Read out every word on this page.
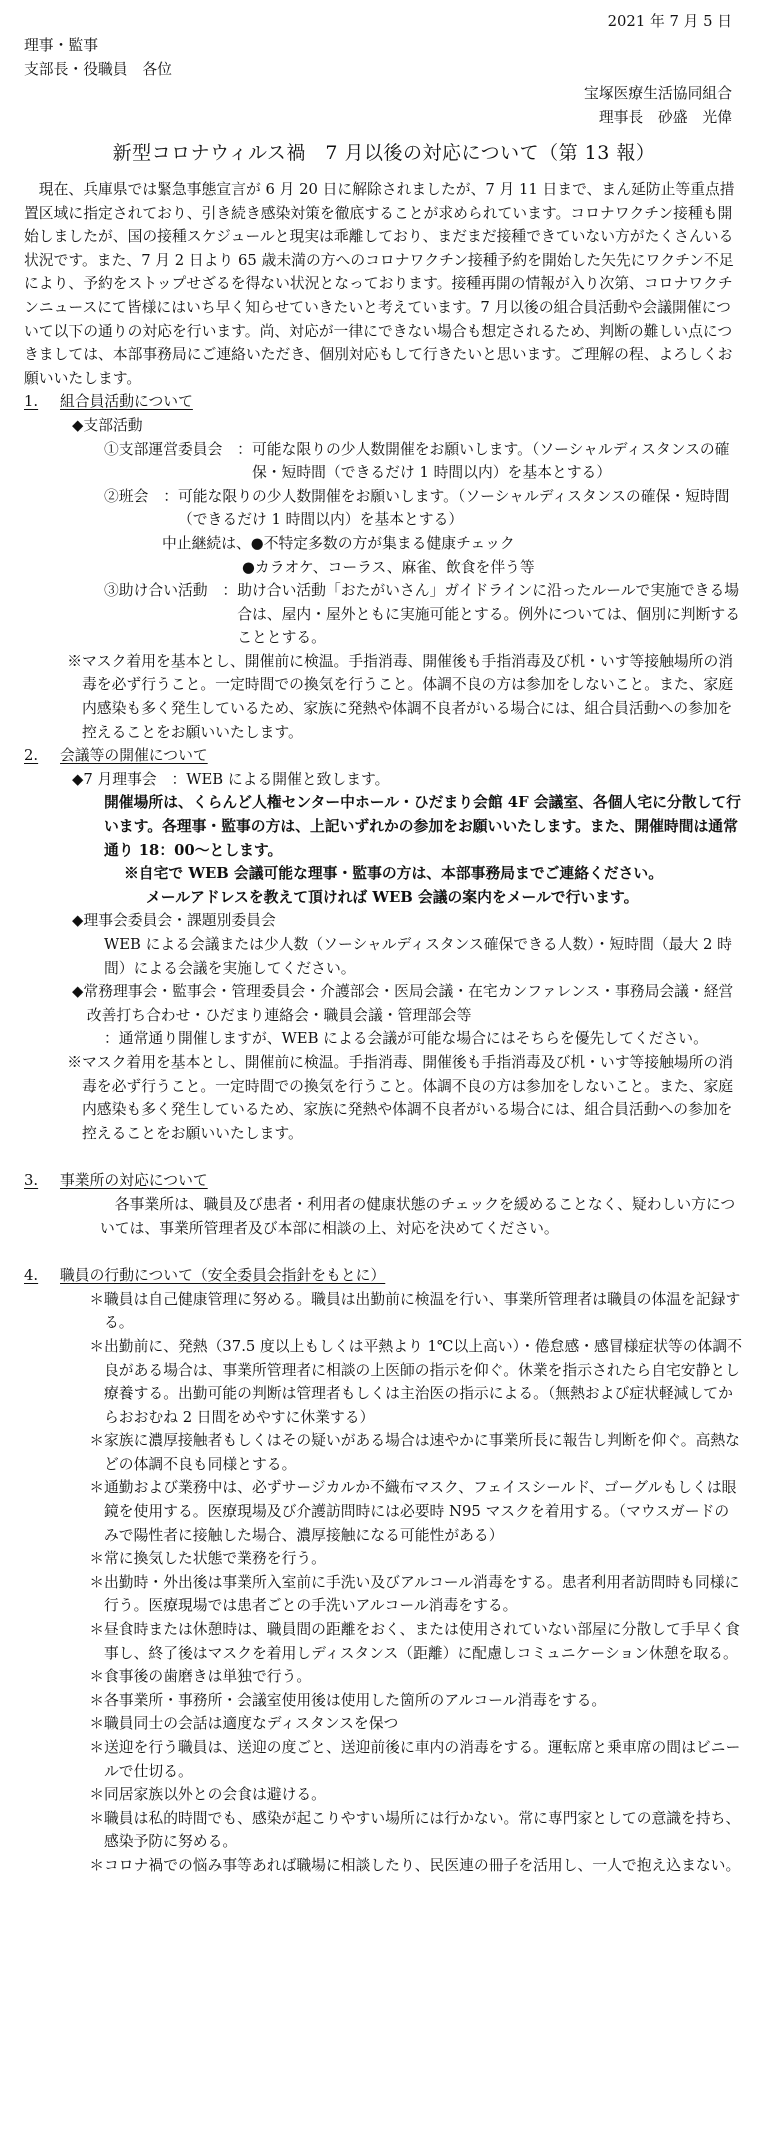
2021 年 7 月 5 日

理事・監事

支部長・役職員　各位

宝塚医療生活協同組合

理事長　砂盛　光偉

新型コロナウィルス禍　7 月以後の対応について（第 13 報）

現在、兵庫県では緊急事態宣言が 6 月 20 日に解除されましたが、7 月 11 日まで、まん延防止等重点措置区域に指定されており、引き続き感染対策を徹底することが求められています。コロナワクチン接種も開始しましたが、国の接種スケジュールと現実は乖離しており、まだまだ接種できていない方がたくさんいる状況です。また、7 月 2 日より 65 歳未満の方へのコロナワクチン接種予約を開始した矢先にワクチン不足により、予約をストップせざるを得ない状況となっております。接種再開の情報が入り次第、コロナワクチンニュースにて皆様にはいち早く知らせていきたいと考えています。7 月以後の組合員活動や会議開催について以下の通りの対応を行います。尚、対応が一律にできない場合も想定されるため、判断の難しい点につきましては、本部事務局にご連絡いただき、個別対応もして行きたいと思います。ご理解の程、よろしくお願いいたします。

1. 組合員活動について

◆ 支部活動

①支部運営委員会　： 可能な限りの少人数開催をお願いします。（ソーシャルディスタンスの確保・短時間（できるだけ 1 時間以内）を基本とする）
②班会　： 可能な限りの少人数開催をお願いします。（ソーシャルディスタンスの確保・短時間（できるだけ 1 時間以内）を基本とする）
中止継続は、 ●不特定多数の方が集まる健康チェック

●カラオケ、コーラス、麻雀、飲食を伴う等

③助け合い活動　： 助け合い活動「おたがいさん」ガイドラインに沿ったルールで実施できる場合は、屋内・屋外ともに実施可能とする。例外については、個別に判断することとする。

※マスク着用を基本とし、開催前に検温。手指消毒、開催後も手指消毒及び机・いす等接触場所の消毒を必ず行うこと。一定時間での換気を行うこと。体調不良の方は参加をしないこと。また、家庭内感染も多く発生しているため、家族に発熱や体調不良者がいる場合には、組合員活動への参加を控えることをお願いいたします。

2. 会議等の開催について

◆7 月理事会　： WEB による開催と致します。

開催場所は、くらんど人権センター中ホール・ひだまり会館 4F 会議室、各個人宅に分散して行います。各理事・監事の方は、上記いずれかの参加をお願いいたします。また、開催時間は通常通り 18：00～とします。

※自宅で WEB 会議可能な理事・監事の方は、本部事務局までご連絡ください。

メールアドレスを教えて頂ければ WEB 会議の案内をメールで行います。

◆ 理事会委員会・課題別委員会

WEB による会議または少人数（ソーシャルディスタンス確保できる人数）・短時間（最大 2 時間）による会議を実施してください。

◆ 常務理事会・監事会・管理委員会・介護部会・医局会議・在宅カンファレンス・事務局会議・経営改善打ち合わせ・ひだまり連絡会・職員会議・管理部会等

：通常通り開催しますが、WEB による会議が可能な場合にはそちらを優先してください。

※マスク着用を基本とし、開催前に検温。手指消毒、開催後も手指消毒及び机・いす等接触場所の消毒を必ず行うこと。一定時間での換気を行うこと。体調不良の方は参加をしないこと。また、家庭内感染も多く発生しているため、家族に発熱や体調不良者がいる場合には、組合員活動への参加を控えることをお願いいたします。

3. 事業所の対応について

各事業所は、職員及び患者・利用者の健康状態のチェックを緩めることなく、疑わしい方については、事業所管理者及び本部に相談の上、対応を決めてください。

4. 職員の行動について（安全委員会指針をもとに）

＊職員は自己健康管理に努める。職員は出勤前に検温を行い、事業所管理者は職員の体温を記録する。

＊出勤前に、発熱（37.5 度以上もしくは平熱より 1℃以上高い）・倦怠感・感冒様症状等の体調不良がある場合は、事業所管理者に相談の上医師の指示を仰ぐ。休業を指示されたら自宅安静とし療養する。出勤可能の判断は管理者もしくは主治医の指示による。（無熱および症状軽減してからおおむね 2 日間をめやすに休業する）

＊家族に濃厚接触者もしくはその疑いがある場合は速やかに事業所長に報告し判断を仰ぐ。高熱などの体調不良も同様とする。

＊通勤および業務中は、必ずサージカルか不織布マスク、フェイスシールド、ゴーグルもしくは眼鏡を使用する。医療現場及び介護訪問時には必要時 N95 マスクを着用する。（マウスガードのみで陽性者に接触した場合、濃厚接触になる可能性がある）

＊常に換気した状態で業務を行う。

＊出勤時・外出後は事業所入室前に手洗い及びアルコール消毒をする。患者利用者訪問時も同様に行う。医療現場では患者ごとの手洗いアルコール消毒をする。

＊昼食時または休憩時は、職員間の距離をおく、または使用されていない部屋に分散して手早く食事し、終了後はマスクを着用しディスタンス（距離）に配慮しコミュニケーション休憩を取る。

＊食事後の歯磨きは単独で行う。

＊各事業所・事務所・会議室使用後は使用した箇所のアルコール消毒をする。

＊職員同士の会話は適度なディスタンスを保つ

＊送迎を行う職員は、送迎の度ごと、送迎前後に車内の消毒をする。運転席と乗車席の間はビニールで仕切る。

＊同居家族以外との会食は避ける。

＊職員は私的時間でも、感染が起こりやすい場所には行かない。常に専門家としての意識を持ち、感染予防に努める。

＊コロナ禍での悩み事等あれば職場に相談したり、民医連の冊子を活用し、一人で抱え込まない。
